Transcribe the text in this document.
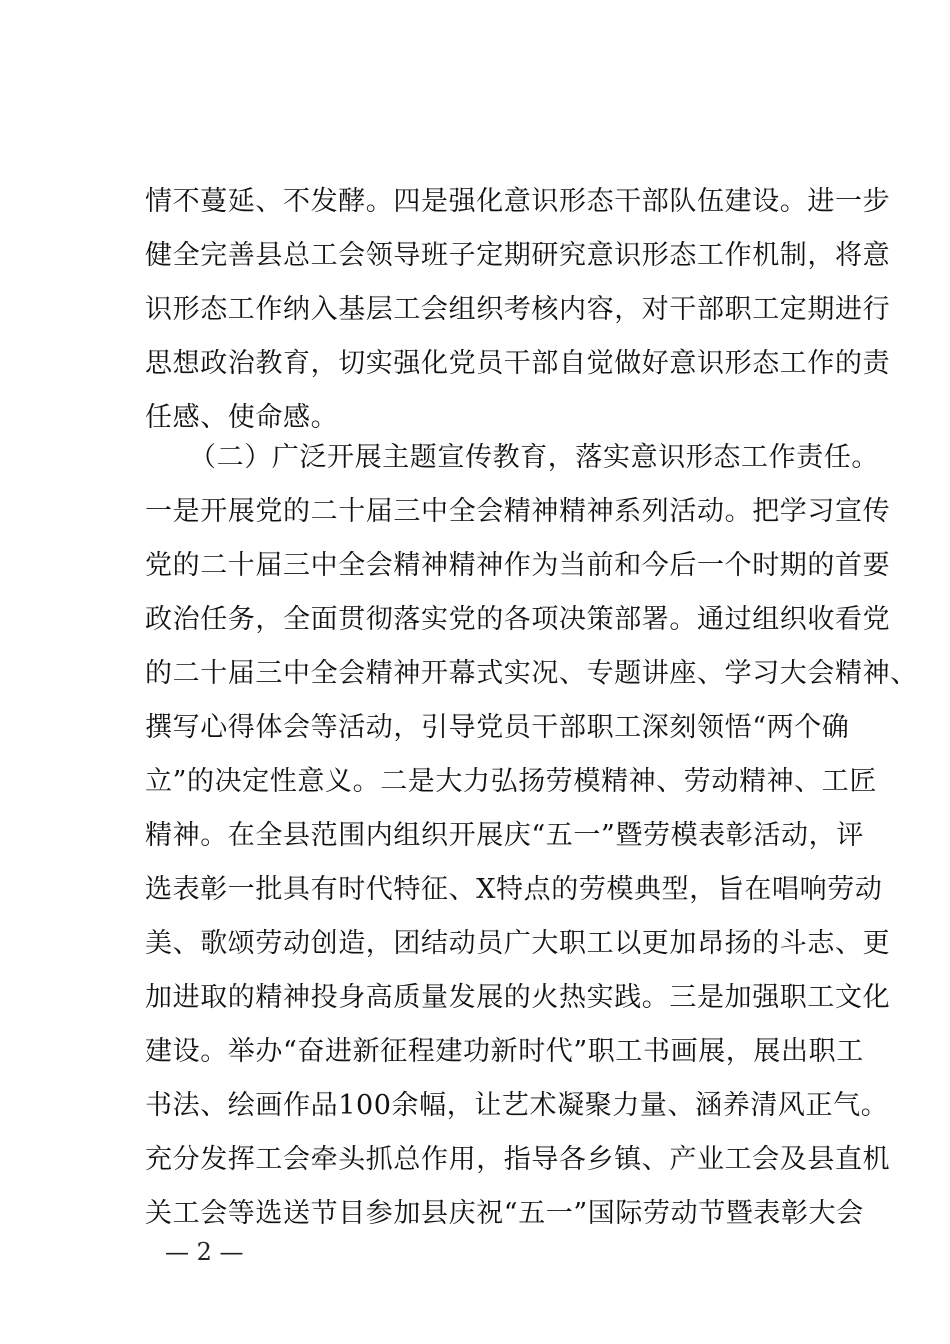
情不蔓延、不发酵。四是强化意识形态干部队伍建设。进一步
健全完善县总工会领导班子定期研究意识形态工作机制，将意
识形态工作纳入基层工会组织考核内容，对干部职工定期进行
思想政治教育，切实强化党员干部自觉做好意识形态工作的责
任感、使命感。
（二）广泛开展主题宣传教育，落实意识形态工作责任。
一是开展党的二十届三中全会精神精神系列活动。把学习宣传
党的二十届三中全会精神精神作为当前和今后一个时期的首要
政治任务，全面贯彻落实党的各项决策部署。通过组织收看党
的二十届三中全会精神开幕式实况、专题讲座、学习大会精神、
撰写心得体会等活动，引导党员干部职工深刻领悟“两个确
立”的决定性意义。二是大力弘扬劳模精神、劳动精神、工匠
精神。在全县范围内组织开展庆“五一”暨劳模表彰活动，评
选表彰一批具有时代特征、X特点的劳模典型，旨在唱响劳动
美、歌颂劳动创造，团结动员广大职工以更加昂扬的斗志、更
加进取的精神投身高质量发展的火热实践。三是加强职工文化
建设。举办“奋进新征程建功新时代”职工书画展，展出职工
书法、绘画作品100余幅，让艺术凝聚力量、涵养清风正气。
充分发挥工会牵头抓总作用，指导各乡镇、产业工会及县直机
关工会等选送节目参加县庆祝“五一”国际劳动节暨表彰大会
— 2 —
